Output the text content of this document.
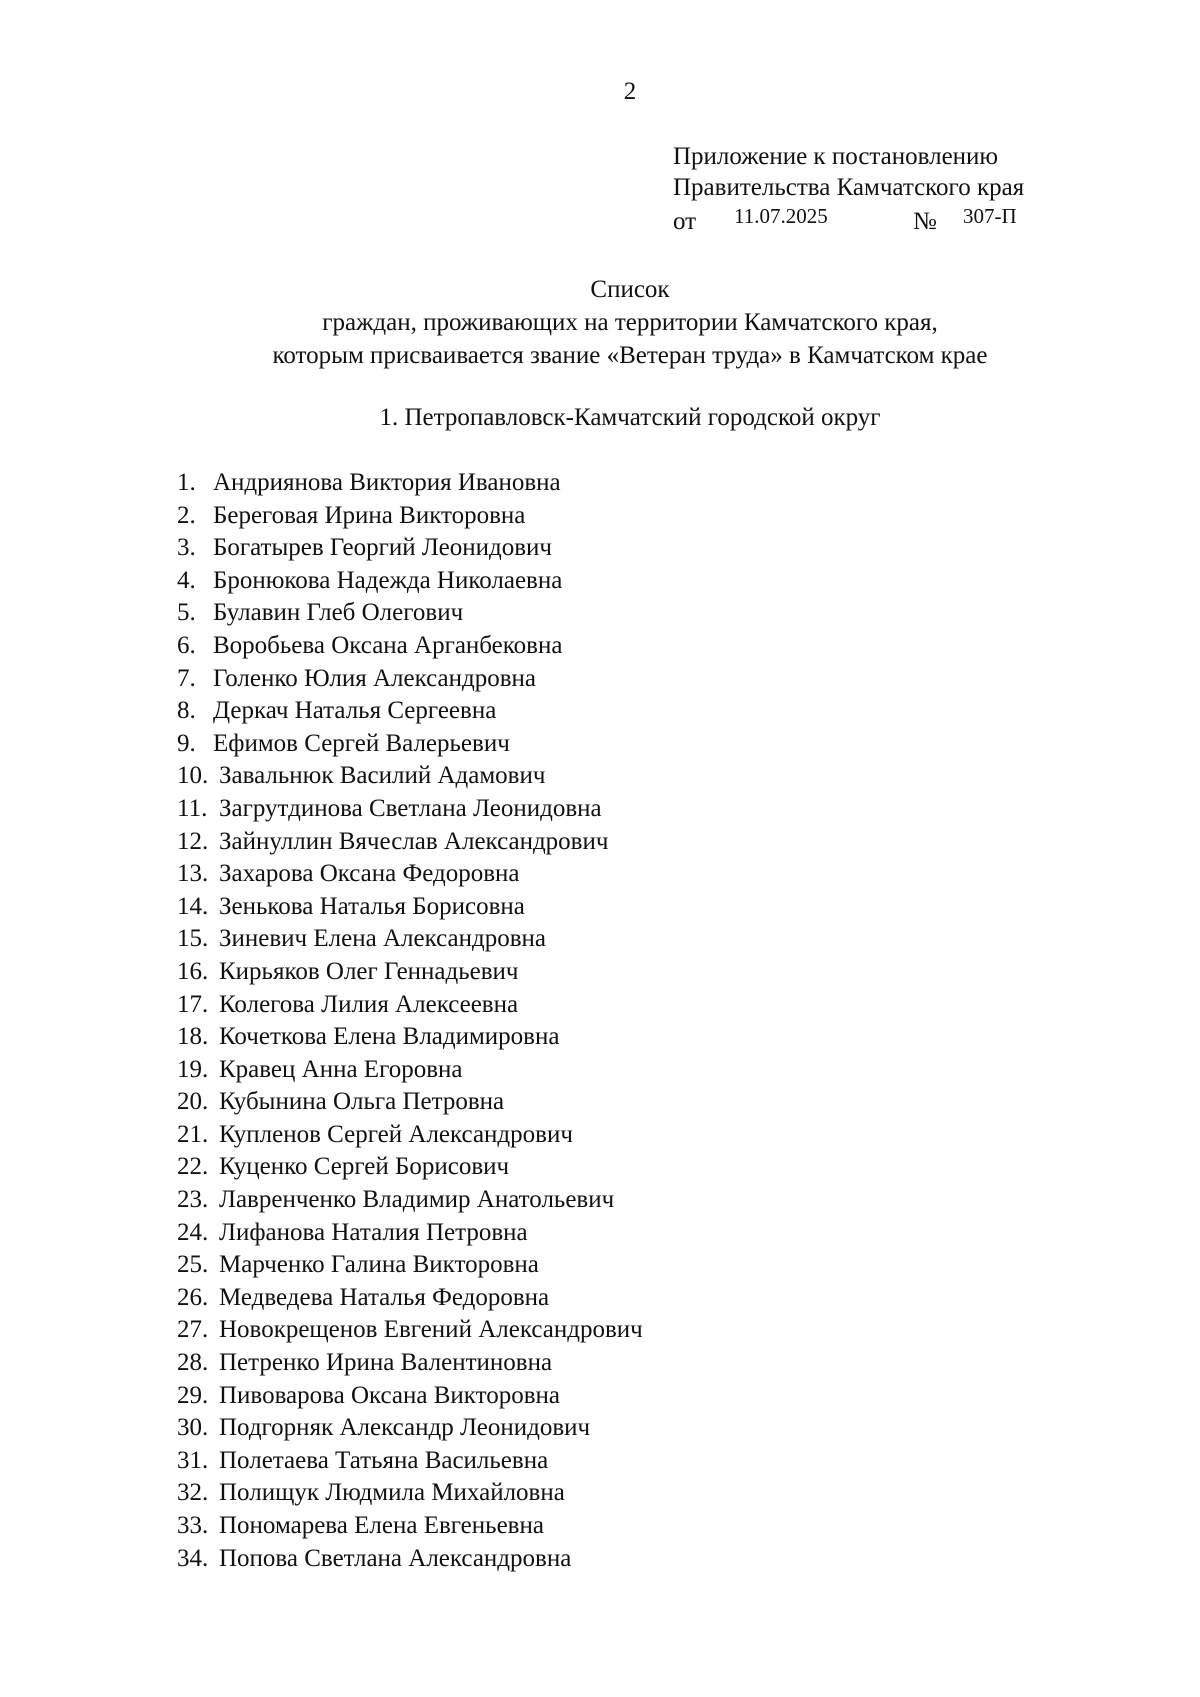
2
Приложение к постановлению
Правительства Камчатского края
от 11.07.2025	№ 307-П
Список
граждан, проживающих на территории Камчатского края,
которым присваивается звание «Ветеран труда» в Камчатском крае
1. Петропавловск-Камчатский городской округ
1. Андриянова Виктория Ивановна
2. Береговая Ирина Викторовна
3. Богатырев Георгий Леонидович
4. Бронюкова Надежда Николаевна
5. Булавин Глеб Олегович
6. Воробьева Оксана Арганбековна
7. Голенко Юлия Александровна
8. Деркач Наталья Сергеевна
9. Ефимов Сергей Валерьевич
10. Завальнюк Василий Адамович
11. Загрутдинова Светлана Леонидовна
12. Зайнуллин Вячеслав Александрович
13. Захарова Оксана Федоровна
14. Зенькова Наталья Борисовна
15. Зиневич Елена Александровна
16. Кирьяков Олег Геннадьевич
17. Колегова Лилия Алексеевна
18. Кочеткова Елена Владимировна
19. Кравец Анна Егоровна
20. Кубынина Ольга Петровна
21. Купленов Сергей Александрович
22. Куценко Сергей Борисович
23. Лавренченко Владимир Анатольевич
24. Лифанова Наталия Петровна
25. Марченко Галина Викторовна
26. Медведева Наталья Федоровна
27. Новокрещенов Евгений Александрович
28. Петренко Ирина Валентиновна
29. Пивоварова Оксана Викторовна
30. Подгорняк Александр Леонидович
31. Полетаева Татьяна Васильевна
32. Полищук Людмила Михайловна
33. Пономарева Елена Евгеньевна
34. Попова Светлана Александровна
